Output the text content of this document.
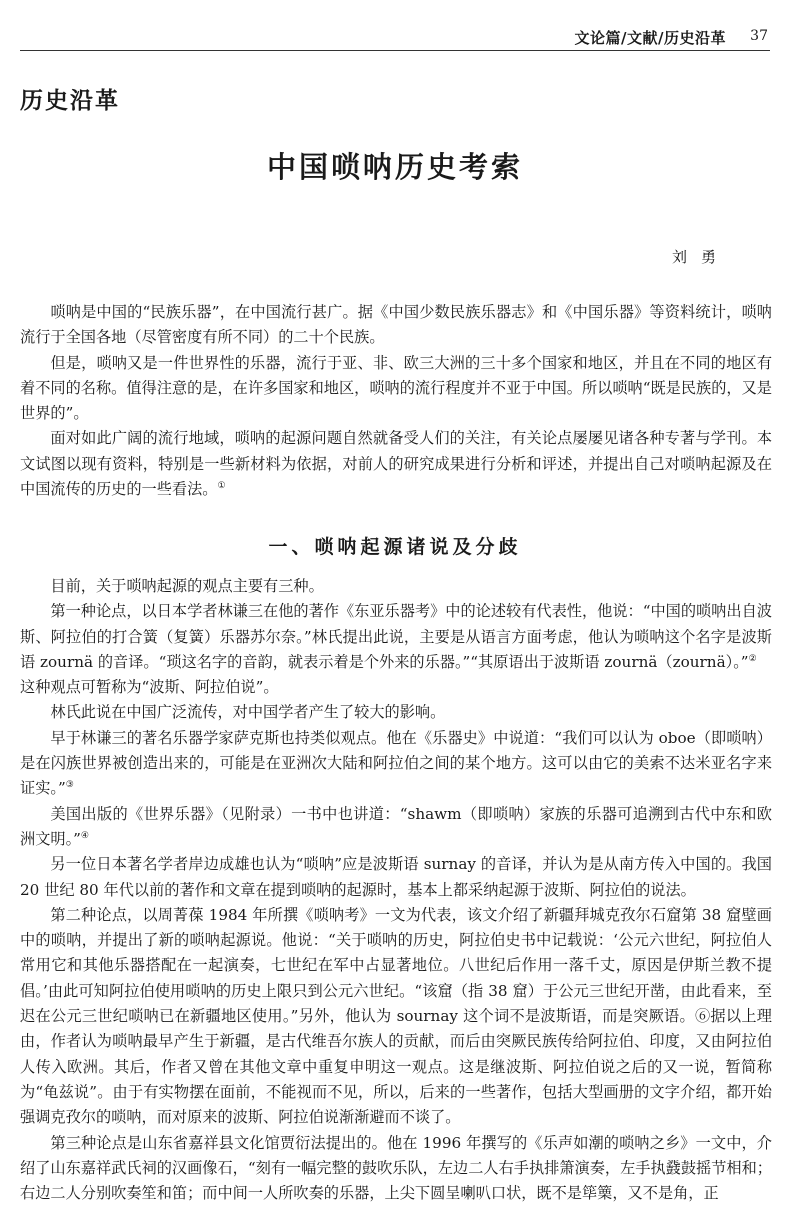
文论篇/文献/历史沿革 37
历史沿革
中国唢呐历史考索
刘勇

唢呐是中国的“民族乐器”，在中国流行甚广。据《中国少数民族乐器志》和《中国乐器》等资料统计，唢呐流行于全国各地（尽管密度有所不同）的二十个民族。

但是，唢呐又是一件世界性的乐器，流行于亚、非、欧三大洲的三十多个国家和地区，并且在不同的地区有着不同的名称。值得注意的是，在许多国家和地区，唢呐的流行程度并不亚于中国。所以唢呐“既是民族的，又是世界的”。

面对如此广阔的流行地域，唢呐的起源问题自然就备受人们的关注，有关论点屡屡见诸各种专著与学刊。本文试图以现有资料，特别是一些新材料为依据，对前人的研究成果进行分析和评述，并提出自己对唢呐起源及在中国流传的历史的一些看法。①

一、唢呐起源诸说及分歧

目前，关于唢呐起源的观点主要有三种。

第一种论点，以日本学者林谦三在他的著作《东亚乐器考》中的论述较有代表性，他说：“中国的唢呐出自波斯、阿拉伯的打合簧（复簧）乐器苏尔奈。”林氏提出此说，主要是从语言方面考虑，他认为唢呐这个名字是波斯语 zournä 的音译。“琐这名字的音韵，就表示着是个外来的乐器。”“其原语出于波斯语 zournä（zournä）。”②

这种观点可暂称为“波斯、阿拉伯说”。

林氏此说在中国广泛流传，对中国学者产生了较大的影响。

早于林谦三的著名乐器学家萨克斯也持类似观点。他在《乐器史》中说道：“我们可以认为 oboe（即唢呐）是在闪族世界被创造出来的，可能是在亚洲次大陆和阿拉伯之间的某个地方。这可以由它的美索不达米亚名字来证实。”③

美国出版的《世界乐器》（见附录）一书中也讲道：“shawm（即唢呐）家族的乐器可追溯到古代中东和欧洲文明。”④

另一位日本著名学者岸边成雄也认为“唢呐”应是波斯语 surnay 的音译，并认为是从南方传入中国的。我国 20 世纪 80 年代以前的著作和文章在提到唢呐的起源时，基本上都采纳起源于波斯、阿拉伯的说法。

第二种论点，以周菁葆 1984 年所撰《唢呐考》一文为代表，该文介绍了新疆拜城克孜尔石窟第 38 窟壁画中的唢呐，并提出了新的唢呐起源说。他说：“关于唢呐的历史，阿拉伯史书中记载说：‘公元六世纪，阿拉伯人常用它和其他乐器搭配在一起演奏，七世纪在军中占显著地位。八世纪后作用一落千丈，原因是伊斯兰教不提倡。’由此可知阿拉伯使用唢呐的历史上限只到公元六世纪。“该窟（指 38 窟）于公元三世纪开凿，由此看来，至迟在公元三世纪唢呐已在新疆地区使用。”另外，他认为 sournay 这个词不是波斯语，而是突厥语。⑥据以上理由，作者认为唢呐最早产生于新疆，是古代维吾尔族人的贡献，而后由突厥民族传给阿拉伯、印度，又由阿拉伯人传入欧洲。其后，作者又曾在其他文章中重复申明这一观点。这是继波斯、阿拉伯说之后的又一说，暂简称为“龟兹说”。由于有实物摆在面前，不能视而不见，所以，后来的一些著作，包括大型画册的文字介绍，都开始强调克孜尔的唢呐，而对原来的波斯、阿拉伯说渐渐避而不谈了。

第三种论点是山东省嘉祥县文化馆贾衍法提出的。他在 1996 年撰写的《乐声如潮的唢呐之乡》一文中，介绍了山东嘉祥武氏祠的汉画像石，“刻有一幅完整的鼓吹乐队，左边二人右手执排箫演奏，左手执鼗鼓摇节相和；右边二人分别吹奏笙和笛；而中间一人所吹奏的乐器，上尖下圆呈喇叭口状，既不是筚篥，又不是角，正
